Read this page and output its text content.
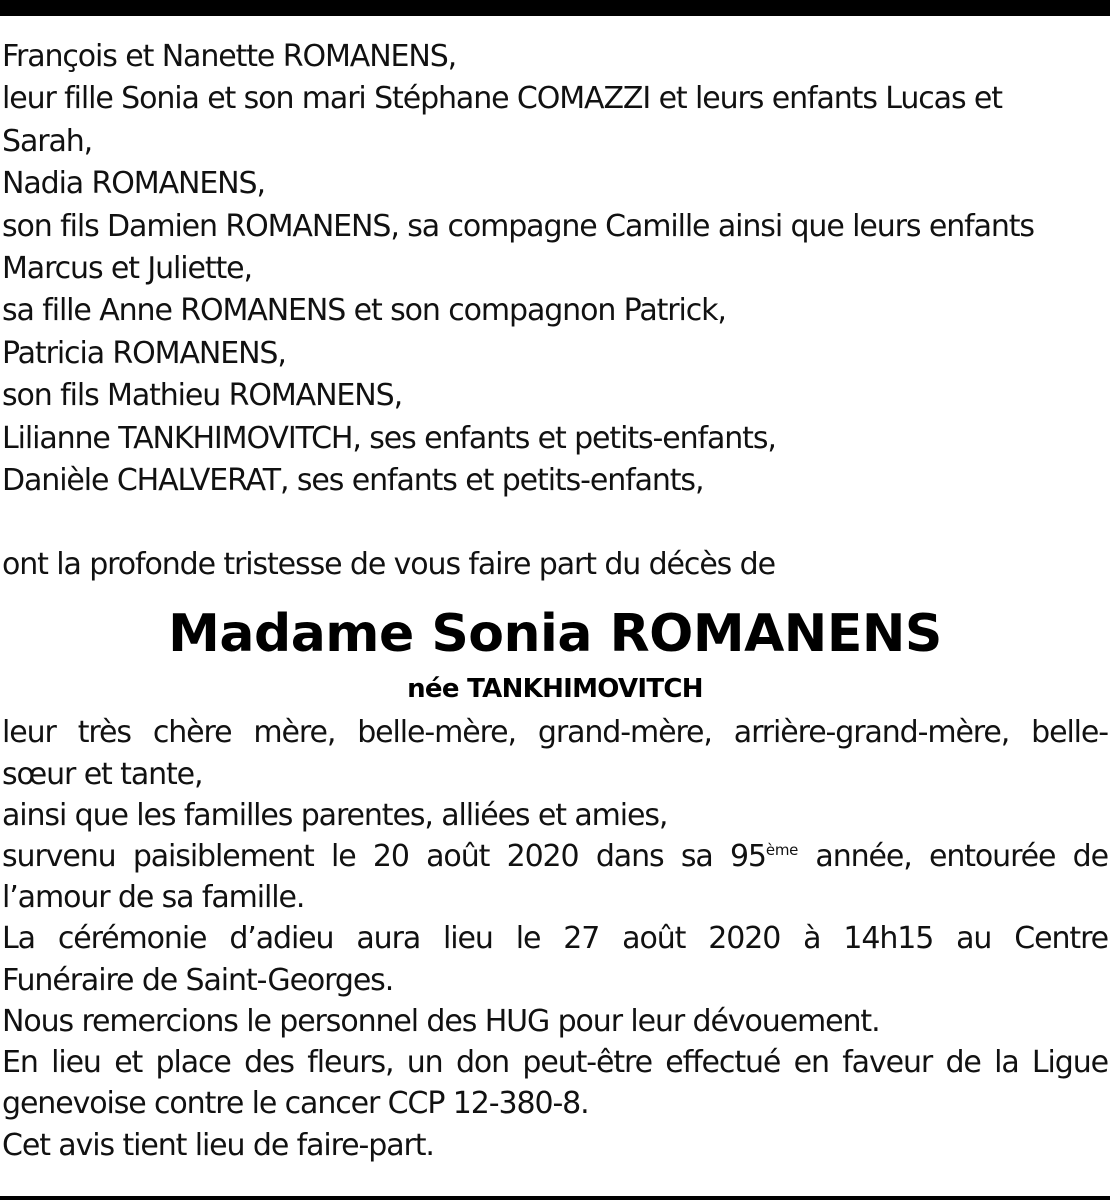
François et Nanette ROMANENS,
leur fille Sonia et son mari Stéphane COMAZZI et leurs enfants Lucas et
Sarah,
Nadia ROMANENS,
son fils Damien ROMANENS, sa compagne Camille ainsi que leurs enfants
Marcus et Juliette,
sa fille Anne ROMANENS et son compagnon Patrick,
Patricia ROMANENS,
son fils Mathieu ROMANENS,
Lilianne TANKHIMOVITCH, ses enfants et petits-enfants,
Danièle CHALVERAT, ses enfants et petits-enfants,
ont la profonde tristesse de vous faire part du décès de
Madame Sonia ROMANENS
née TANKHIMOVITCH
leur très chère mère, belle-mère, grand-mère, arrière-grand-mère, belle-
sœur et tante,
ainsi que les familles parentes, alliées et amies,
survenu paisiblement le 20 août 2020 dans sa 95ème année, entourée de
l’amour de sa famille.
La cérémonie d’adieu aura lieu le 27 août 2020 à 14h15 au Centre
Funéraire de Saint-Georges.
Nous remercions le personnel des HUG pour leur dévouement.
En lieu et place des fleurs, un don peut-être effectué en faveur de la Ligue
genevoise contre le cancer CCP 12-380-8.
Cet avis tient lieu de faire-part.
